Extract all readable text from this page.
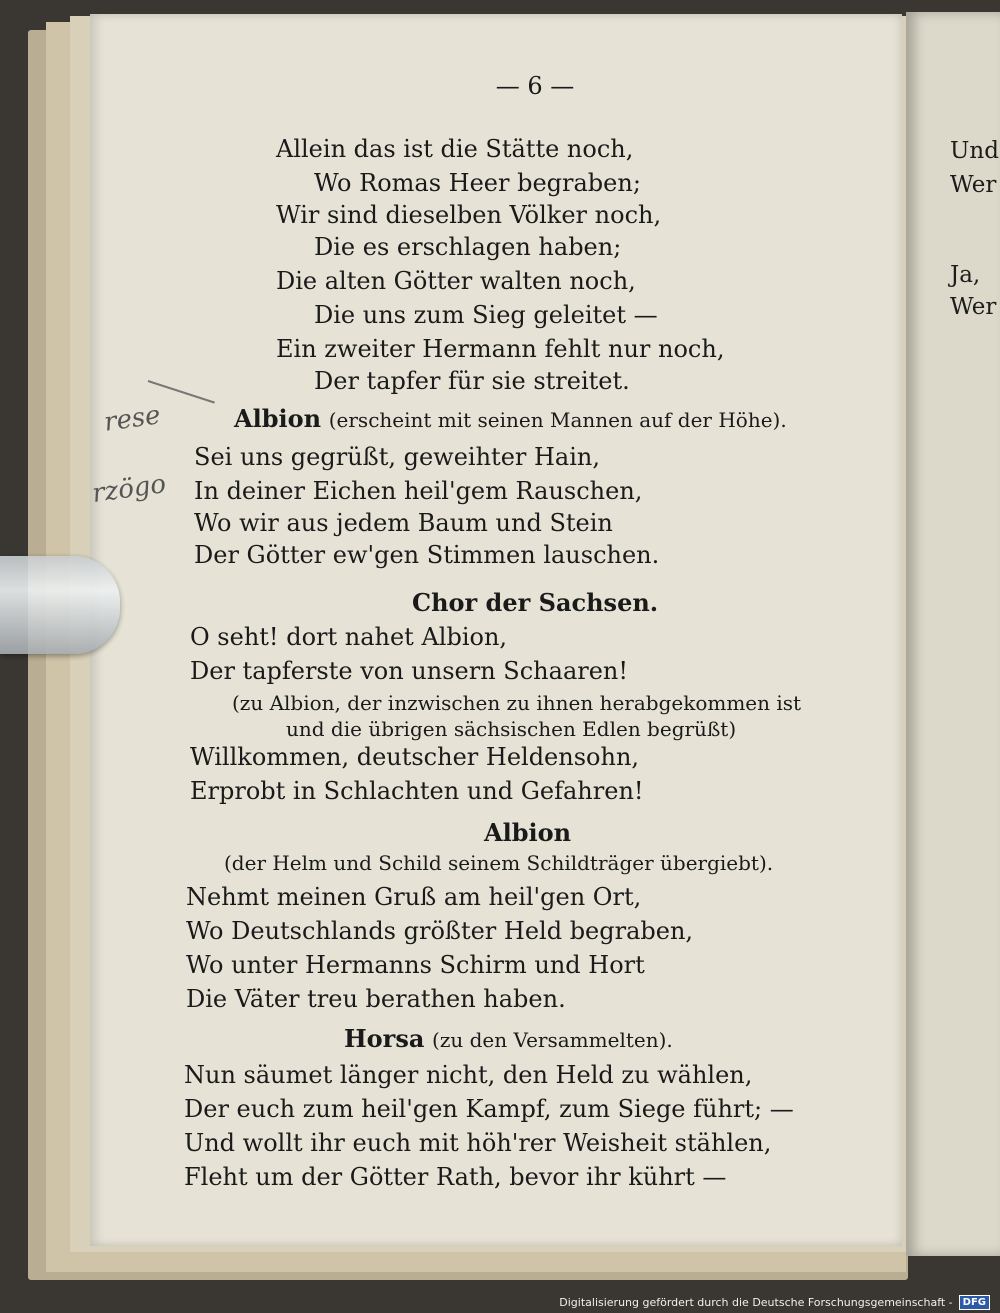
Und
Wer
Ja,
Wer
— 6 —
Allein das ist die Stätte noch,
Wo Romas Heer begraben;
Wir sind dieselben Völker noch,
Die es erschlagen haben;
Die alten Götter walten noch,
Die uns zum Sieg geleitet —
Ein zweiter Hermann fehlt nur noch,
Der tapfer für sie streitet.
Albion (erscheint mit seinen Mannen auf der Höhe).
Sei uns gegrüßt, geweihter Hain,
In deiner Eichen heil'gem Rauschen,
Wo wir aus jedem Baum und Stein
Der Götter ew'gen Stimmen lauschen.
Chor der Sachsen.
O seht! dort nahet Albion,
Der tapferste von unsern Schaaren!
(zu Albion, der inzwischen zu ihnen herabgekommen ist
und die übrigen sächsischen Edlen begrüßt)
Willkommen, deutscher Heldensohn,
Erprobt in Schlachten und Gefahren!
Albion
(der Helm und Schild seinem Schildträger übergiebt).
Nehmt meinen Gruß am heil'gen Ort,
Wo Deutschlands größter Held begraben,
Wo unter Hermanns Schirm und Hort
Die Väter treu berathen haben.
Horsa (zu den Versammelten).
Nun säumet länger nicht, den Held zu wählen,
Der euch zum heil'gen Kampf, zum Siege führt; —
Und wollt ihr euch mit höh'rer Weisheit stählen,
Fleht um der Götter Rath, bevor ihr kührt —
rese
rzögo
Digitalisierung gefördert durch die Deutsche Forschungsgemeinschaft -	DFG
